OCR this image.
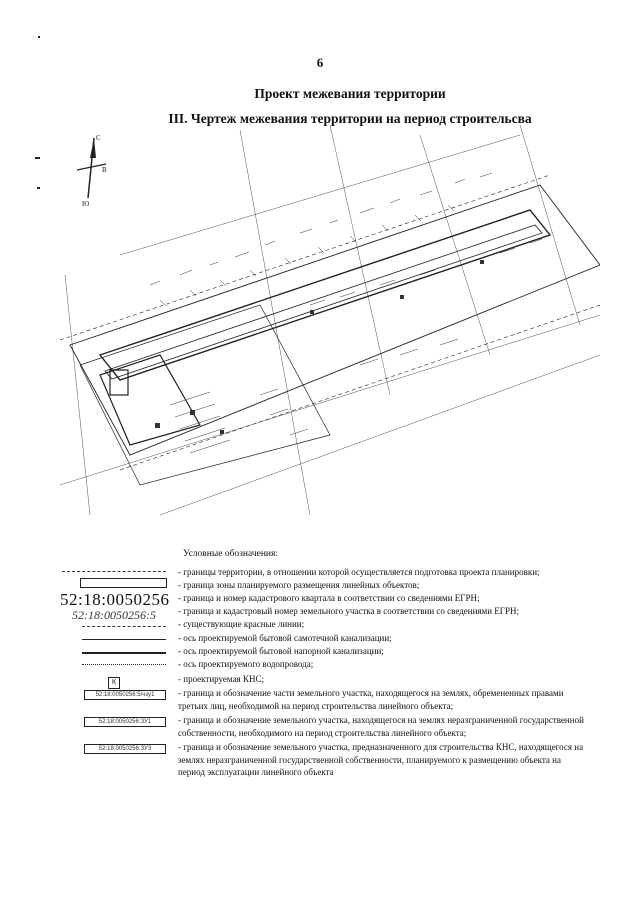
6
Проект межевания территории
III. Чертеж межевания территории на период строительсва
С
В
Ю
Условные обозначения:
52:18:0050256
52:18:0050256:5
К
52:18:0050256:5/чзу1
52:18:0050256:ЗУ1
52:18:0050256:ЗУ3
- границы территории, в отношении которой осуществляется подготовка проекта планировки;
- граница зоны планируемого размещения линейных объектов;
- граница и номер кадастрового квартала в соответствии со сведениями ЕГРН;
- граница и кадастровый номер земельного участка в соответствии со сведениями ЕГРН;
- существующие красные линии;
- ось проектируемой бытовой самотечной канализации;
- ось проектируемой бытовой напорной канализации;
- ось проектируемого водопровода;
- проектируемая КНС;
- граница и обозначение части земельного участка, находящегося на землях, обремененных правами третьих лиц, необходимой на период строительства линейного объекта;
- граница и обозначение земельного участка, находящегося на землях неразграниченной государственной собственности, необходимого на период строительства линейного объекта;
- граница и обозначение земельного участка, предназначенного для строительства КНС, находящегося на землях неразграниченной государственной собственности, планируемого к размещению объекта на период эксплуатации линейного объекта
